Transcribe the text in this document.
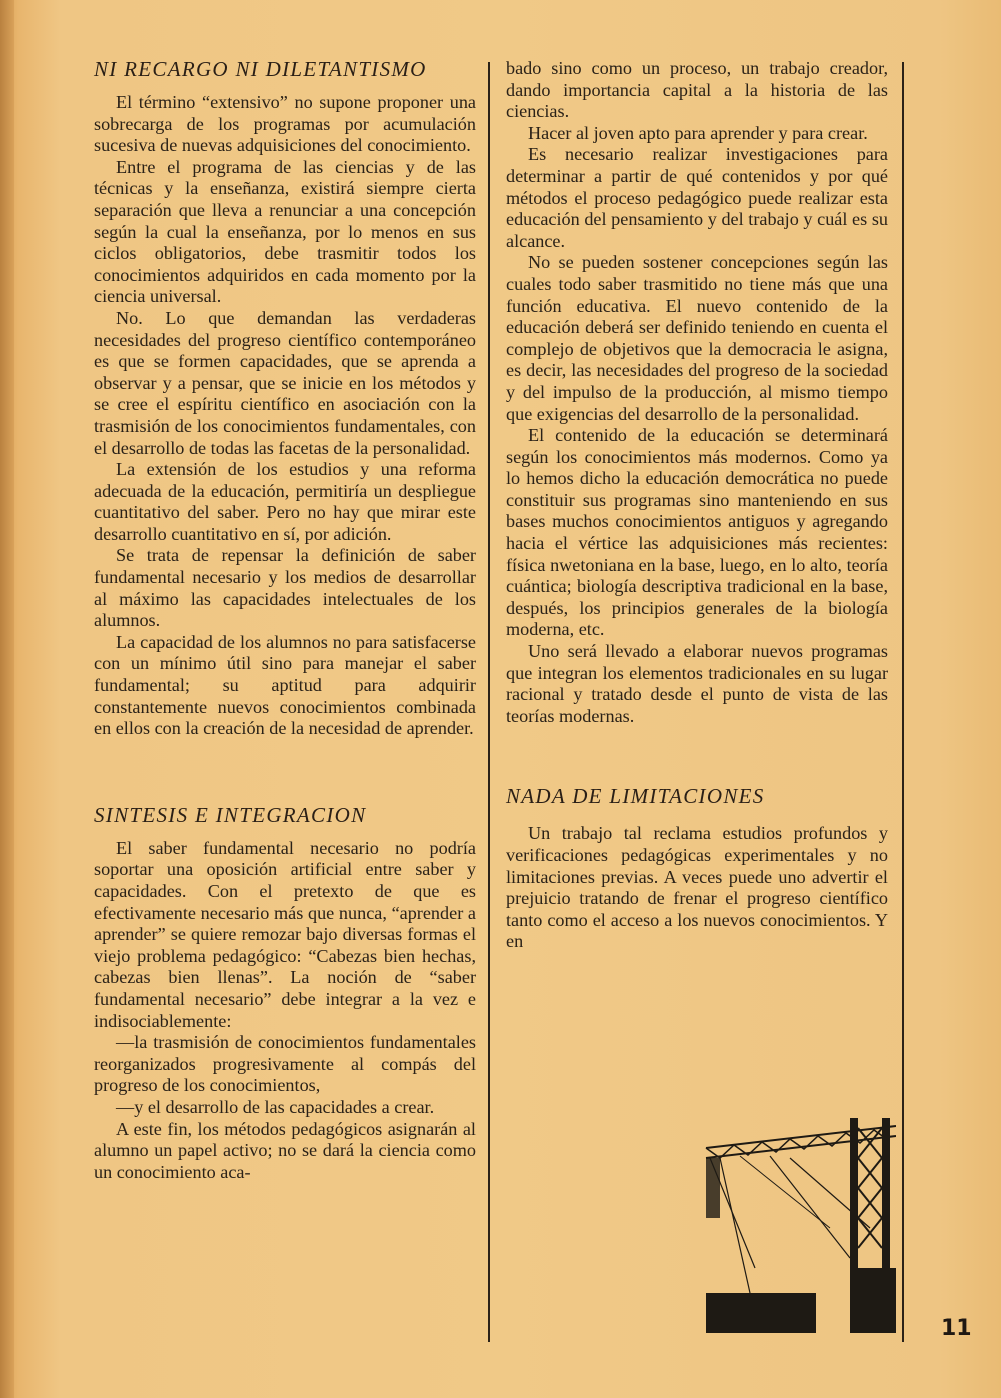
NI RECARGO NI DILETANTISMO

El término “extensivo” no supone proponer una sobrecarga de los programas por acumulación sucesiva de nuevas adquisiciones del conocimiento.

Entre el programa de las ciencias y de las técnicas y la enseñanza, existirá siempre cierta separación que lleva a renunciar a una concepción según la cual la enseñanza, por lo menos en sus ciclos obligatorios, debe trasmitir todos los conocimientos adquiridos en cada momento por la ciencia universal.

No. Lo que demandan las verdaderas necesidades del progreso científico contemporáneo es que se formen capacidades, que se aprenda a observar y a pensar, que se inicie en los métodos y se cree el espíritu científico en asociación con la trasmisión de los conocimientos fundamentales, con el desarrollo de todas las facetas de la personalidad.

La extensión de los estudios y una reforma adecuada de la educación, permitiría un despliegue cuantitativo del saber. Pero no hay que mirar este desarrollo cuantitativo en sí, por adición.

Se trata de repensar la definición de saber fundamental necesario y los medios de desarrollar al máximo las capacidades intelectuales de los alumnos.

La capacidad de los alumnos no para satisfacerse con un mínimo útil sino para manejar el saber fundamental; su aptitud para adquirir constantemente nuevos conocimientos combinada en ellos con la creación de la necesidad de aprender.

SINTESIS E INTEGRACION

El saber fundamental necesario no podría soportar una oposición artificial entre saber y capacidades. Con el pretexto de que es efectivamente necesario más que nunca, “aprender a aprender” se quiere remozar bajo diversas formas el viejo problema pedagógico: “Cabezas bien hechas, cabezas bien llenas”. La noción de “saber fundamental necesario” debe integrar a la vez e indisociablemente:

—la trasmisión de conocimientos fundamentales reorganizados progresivamente al compás del progreso de los conocimientos,

—y el desarrollo de las capacidades a crear.

A este fin, los métodos pedagógicos asignarán al alumno un papel activo; no se dará la ciencia como un conocimiento aca-

bado sino como un proceso, un trabajo creador, dando importancia capital a la historia de las ciencias.

Hacer al joven apto para aprender y para crear.

Es necesario realizar investigaciones para determinar a partir de qué contenidos y por qué métodos el proceso pedagógico puede realizar esta educación del pensamiento y del trabajo y cuál es su alcance.

No se pueden sostener concepciones según las cuales todo saber trasmitido no tiene más que una función educativa. El nuevo contenido de la educación deberá ser definido teniendo en cuenta el complejo de objetivos que la democracia le asigna, es decir, las necesidades del progreso de la sociedad y del impulso de la producción, al mismo tiempo que exigencias del desarrollo de la personalidad.

El contenido de la educación se determinará según los conocimientos más modernos. Como ya lo hemos dicho la educación democrática no puede constituir sus programas sino manteniendo en sus bases muchos conocimientos antiguos y agregando hacia el vértice las adquisiciones más recientes: física nwetoniana en la base, luego, en lo alto, teoría cuántica; biología descriptiva tradicional en la base, después, los principios generales de la biología moderna, etc.

Uno será llevado a elaborar nuevos programas que integran los elementos tradicionales en su lugar racional y tratado desde el punto de vista de las teorías modernas.

NADA DE LIMITACIONES

Un trabajo tal reclama estudios profundos y verificaciones pedagógicas experimentales y no limitaciones previas. A veces puede uno advertir el prejuicio tratando de frenar el progreso científico tanto como el acceso a los nuevos conocimientos. Y en

11
